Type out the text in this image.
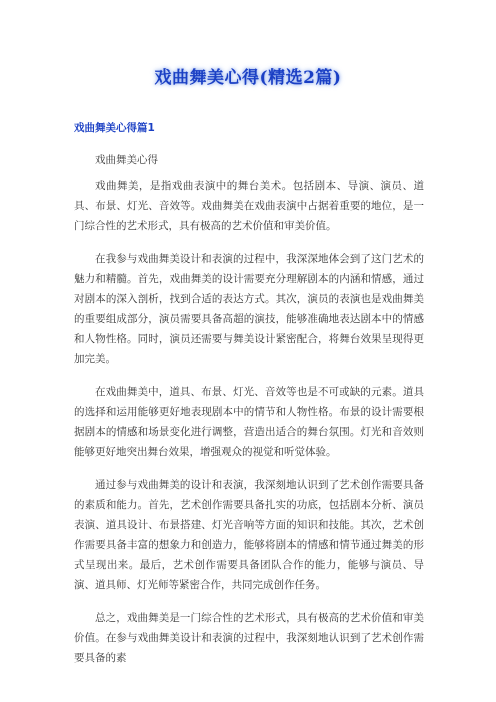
戏曲舞美心得(精选2篇)
戏曲舞美心得篇1

戏曲舞美心得

戏曲舞美，是指戏曲表演中的舞台美术。包括剧本、导演、演员、道具、布景、灯光、音效等。戏曲舞美在戏曲表演中占据着重要的地位，是一门综合性的艺术形式，具有极高的艺术价值和审美价值。

在我参与戏曲舞美设计和表演的过程中，我深深地体会到了这门艺术的魅力和精髓。首先，戏曲舞美的设计需要充分理解剧本的内涵和情感，通过对剧本的深入剖析，找到合适的表达方式。其次，演员的表演也是戏曲舞美的重要组成部分，演员需要具备高超的演技，能够准确地表达剧本中的情感和人物性格。同时，演员还需要与舞美设计紧密配合，将舞台效果呈现得更加完美。

在戏曲舞美中，道具、布景、灯光、音效等也是不可或缺的元素。道具的选择和运用能够更好地表现剧本中的情节和人物性格。布景的设计需要根据剧本的情感和场景变化进行调整，营造出适合的舞台氛围。灯光和音效则能够更好地突出舞台效果，增强观众的视觉和听觉体验。

通过参与戏曲舞美的设计和表演，我深刻地认识到了艺术创作需要具备的素质和能力。首先，艺术创作需要具备扎实的功底，包括剧本分析、演员表演、道具设计、布景搭建、灯光音响等方面的知识和技能。其次，艺术创作需要具备丰富的想象力和创造力，能够将剧本的情感和情节通过舞美的形式呈现出来。最后，艺术创作需要具备团队合作的能力，能够与演员、导演、道具师、灯光师等紧密合作，共同完成创作任务。

总之，戏曲舞美是一门综合性的艺术形式，具有极高的艺术价值和审美价值。在参与戏曲舞美设计和表演的过程中，我深刻地认识到了艺术创作需要具备的素
